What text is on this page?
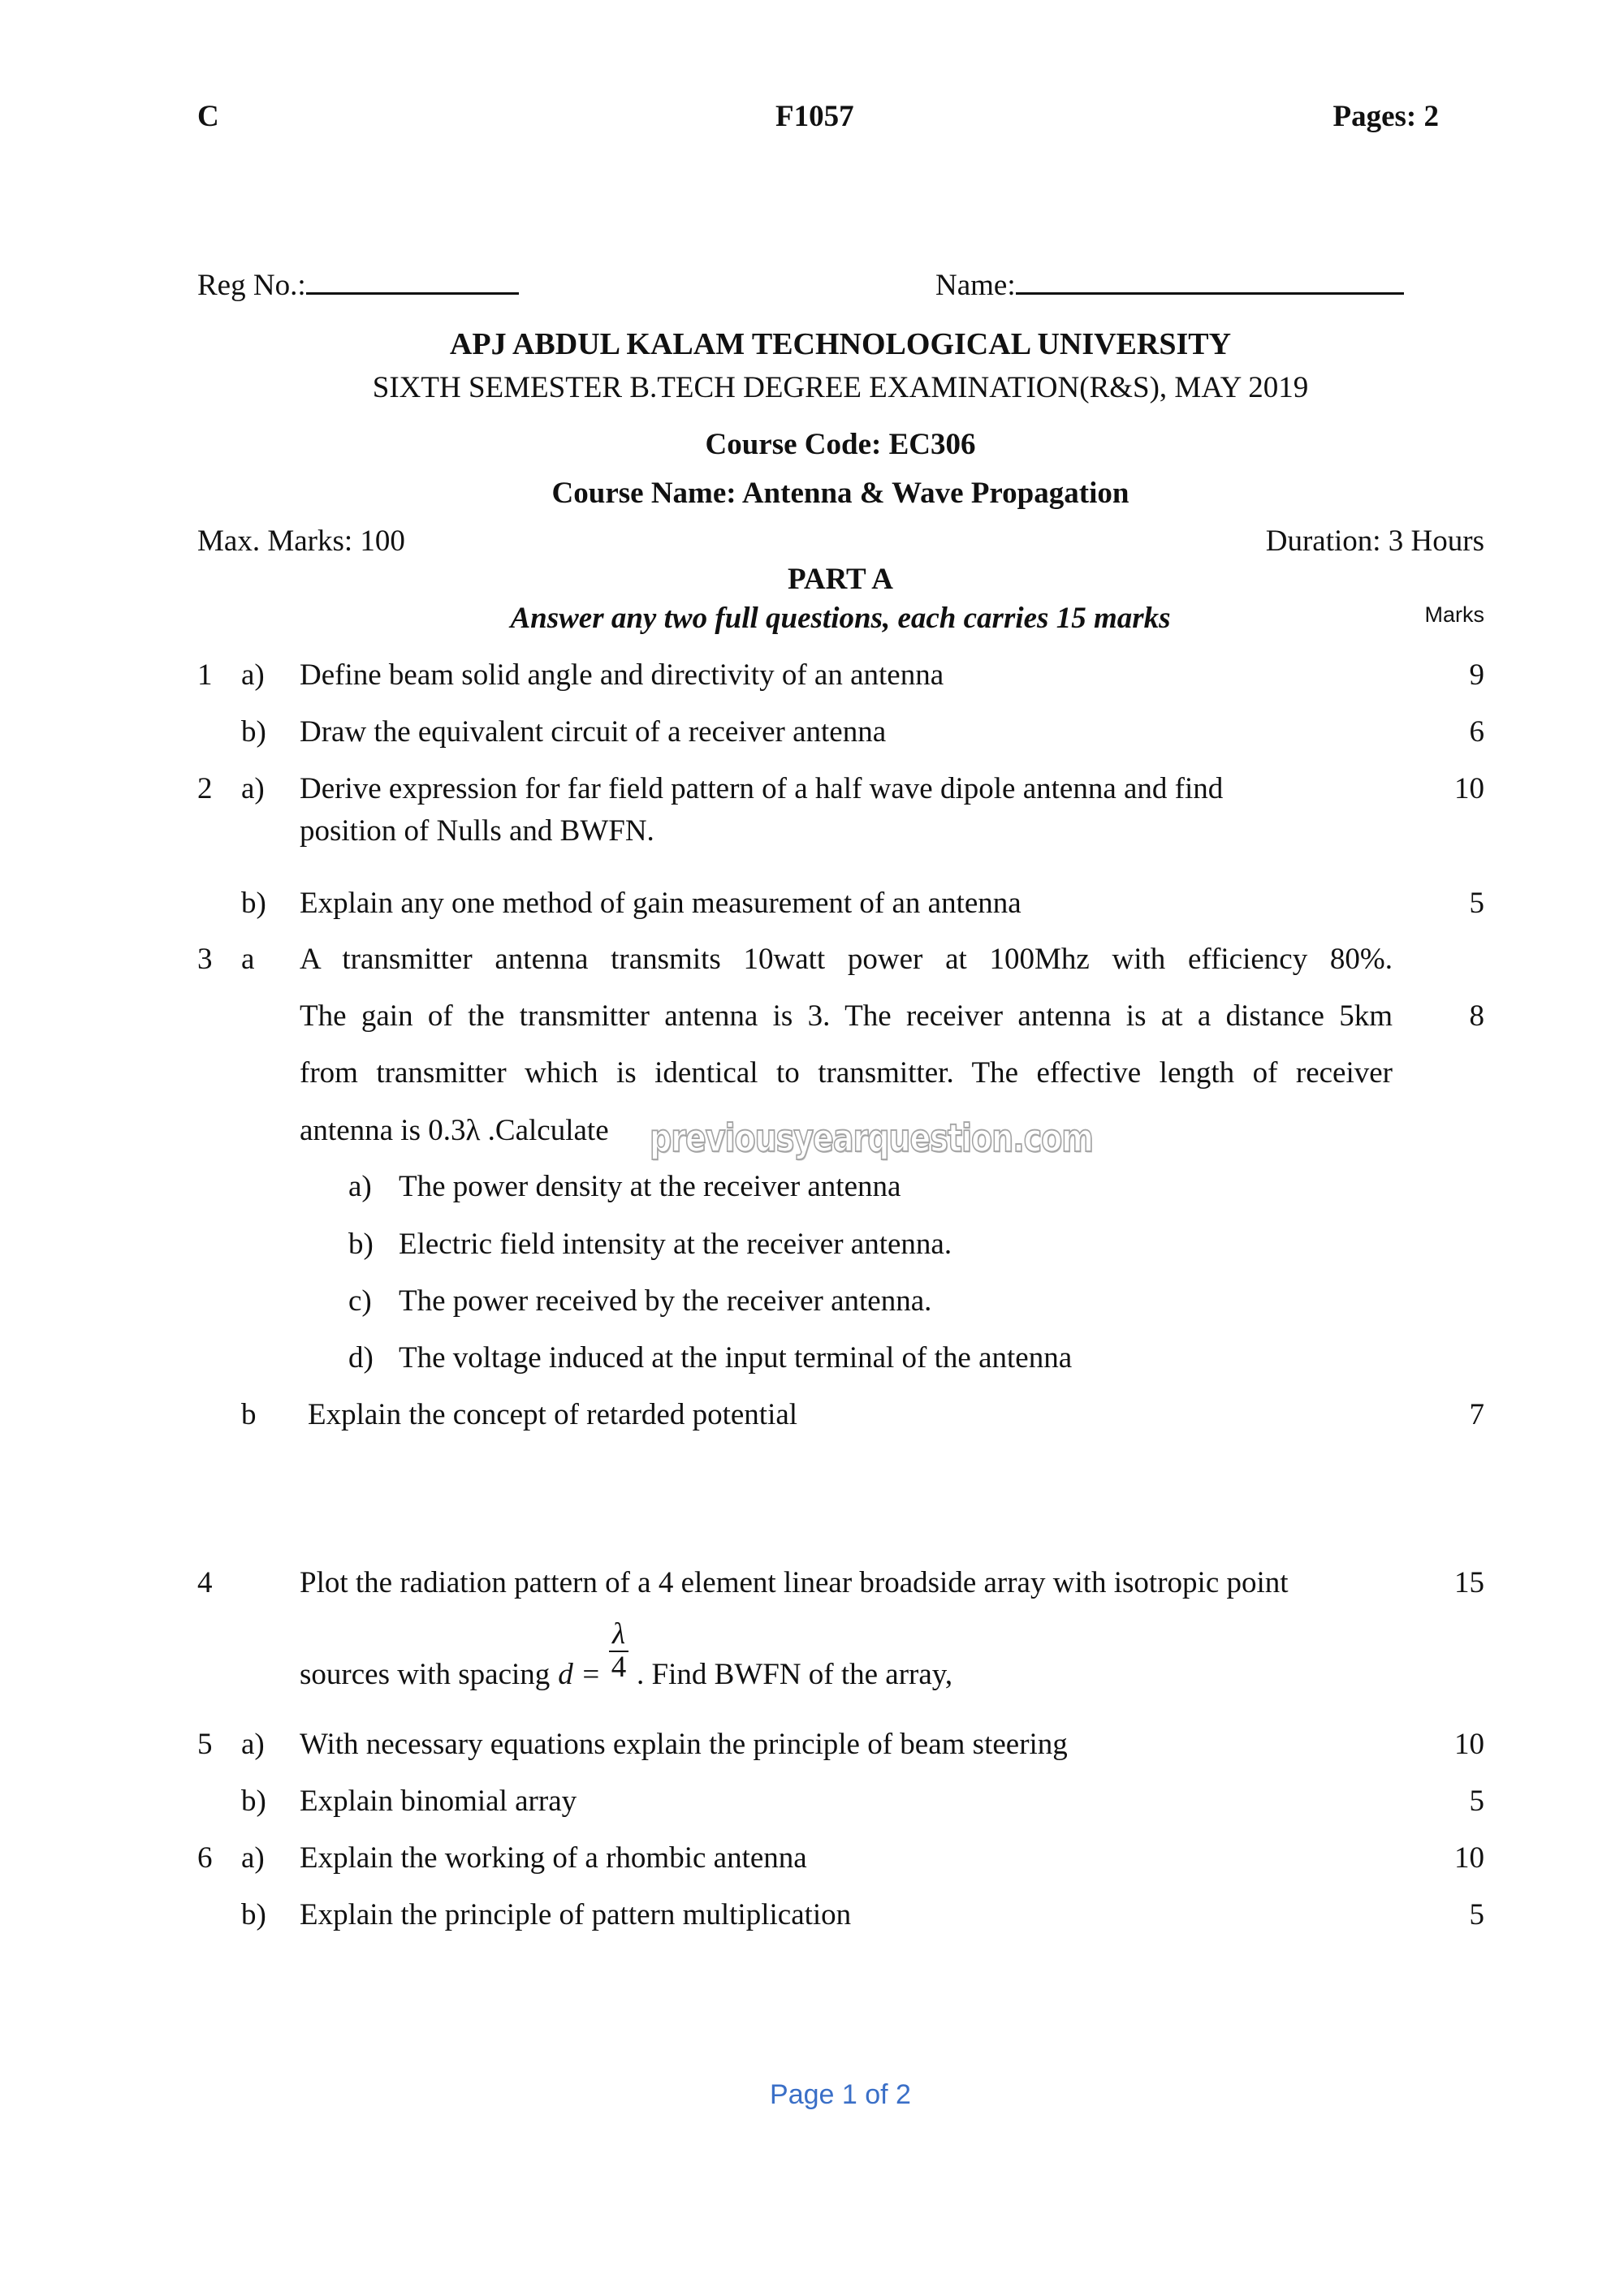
C	F1057	Pages: 2
Reg No.:	Name:
APJ ABDUL KALAM TECHNOLOGICAL UNIVERSITY
SIXTH SEMESTER B.TECH DEGREE EXAMINATION(R&S), MAY 2019
Course Code: EC306
Course Name: Antenna & Wave Propagation
Max. Marks: 100	Duration: 3 Hours
PART A
Answer any two full questions, each carries 15 marks	Marks
1 a) Define beam solid angle and directivity of an antenna	9
b) Draw the equivalent circuit of a receiver antenna	6
2 a) Derive expression for far field pattern of a half wave dipole antenna and find
position of Nulls and BWFN.
10
b) Explain any one method of gain measurement of an antenna	5
3 a A transmitter antenna transmits 10watt power at 100Mhz with efficiency 80%.
The gain of the transmitter antenna is 3. The receiver antenna is at a distance 5km	8
from transmitter which is identical to transmitter. The effective length of receiver
antenna is 0.3λ .Calculate previousyearquestion.com
a) The power density at the receiver antenna
b) Electric field intensity at the receiver antenna.
c) The power received by the receiver antenna.
d) The voltage induced at the input terminal of the antenna
b Explain the concept of retarded potential	7
4	Plot the radiation pattern of a 4 element linear broadside array with isotropic point	15
sources with spacing $d = \frac{\lambda}{4}$ . Find BWFN of the array,
5 a) With necessary equations explain the principle of beam steering	10
b) Explain binomial array	5
6 a) Explain the working of a rhombic antenna	10
b) Explain the principle of pattern multiplication	5
Page 1 of 2
